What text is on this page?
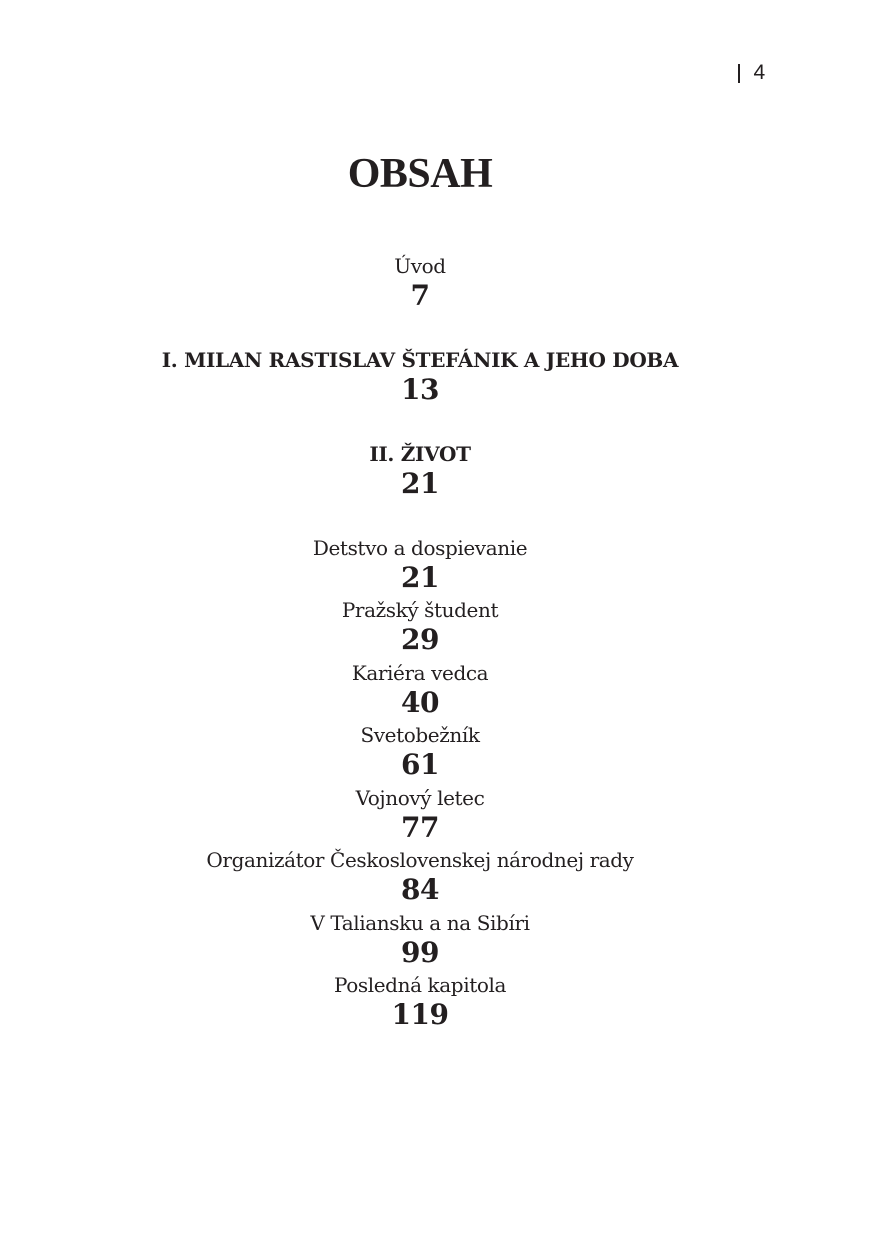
4
OBSAH
Úvod
7
I. MILAN RASTISLAV ŠTEFÁNIK A JEHO DOBA
13
II. ŽIVOT
21
Detstvo a dospievanie
21
Pražský študent
29
Kariéra vedca
40
Svetobežník
61
Vojnový letec
77
Organizátor Československej národnej rady
84
V Taliansku a na Sibíri
99
Posledná kapitola
119
